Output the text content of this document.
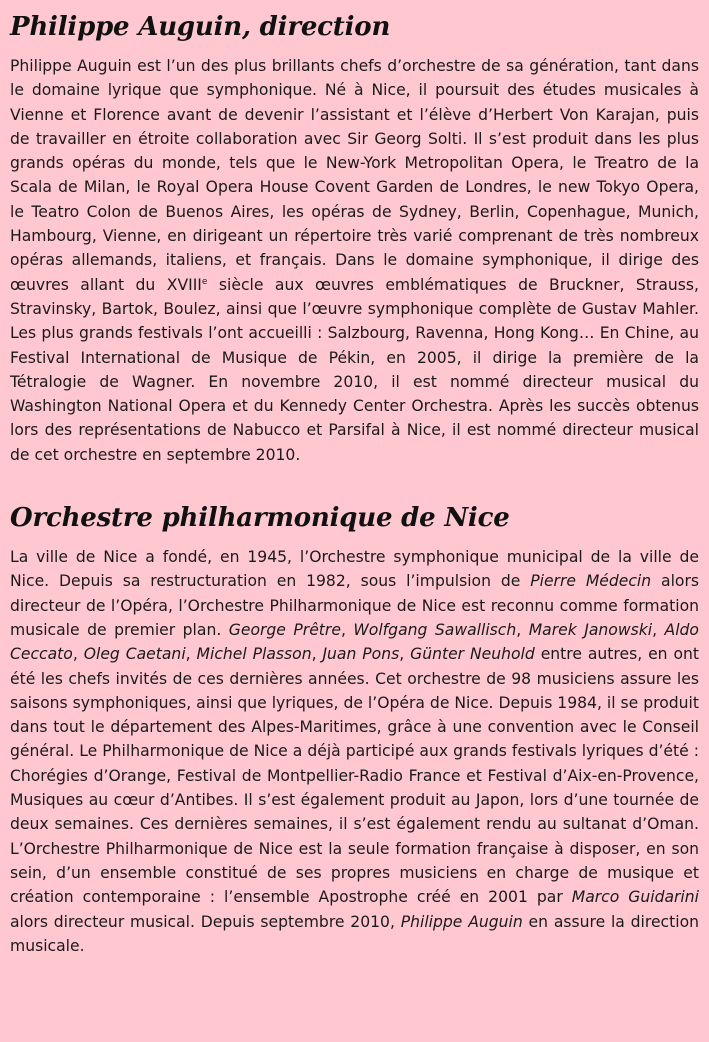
Philippe Auguin, direction

Philippe Auguin est l’un des plus brillants chefs d’orchestre de sa génération, tant dans le domaine lyrique que symphonique. Né à Nice, il poursuit des études musicales à Vienne et Florence avant de devenir l’assistant et l’élève d’Herbert Von Karajan, puis de travailler en étroite collaboration avec Sir Georg Solti. Il s’est produit dans les plus grands opéras du monde, tels que le New-York Metropolitan Opera, le Treatro de la Scala de Milan, le Royal Opera House Covent Garden de Londres, le new Tokyo Opera, le Teatro Colon de Buenos Aires, les opéras de Sydney, Berlin, Copenhague, Munich, Hambourg, Vienne, en dirigeant un répertoire très varié comprenant de très nombreux opéras allemands, italiens, et français. Dans le domaine symphonique, il dirige des œuvres allant du XVIIIe siècle aux œuvres emblématiques de Bruckner, Strauss, Stravinsky, Bartok, Boulez, ainsi que l’œuvre symphonique complète de Gustav Mahler. Les plus grands festivals l’ont accueilli : Salzbourg, Ravenna, Hong Kong… En Chine, au Festival International de Musique de Pékin, en 2005, il dirige la première de la Tétralogie de Wagner. En novembre 2010, il est nommé directeur musical du Washington National Opera et du Kennedy Center Orchestra. Après les succès obtenus lors des représentations de Nabucco et Parsifal à Nice, il est nommé directeur musical de cet orchestre en septembre 2010.

Orchestre philharmonique de Nice

La ville de Nice a fondé, en 1945, l’Orchestre symphonique municipal de la ville de Nice. Depuis sa restructuration en 1982, sous l’impulsion de Pierre Médecin alors directeur de l’Opéra, l’Orchestre Philharmonique de Nice est reconnu comme formation musicale de premier plan. George Prêtre, Wolfgang Sawallisch, Marek Janowski, Aldo Ceccato, Oleg Caetani, Michel Plasson, Juan Pons, Günter Neuhold entre autres, en ont été les chefs invités de ces dernières années. Cet orchestre de 98 musiciens assure les saisons symphoniques, ainsi que lyriques, de l’Opéra de Nice. Depuis 1984, il se produit dans tout le département des Alpes-Maritimes, grâce à une convention avec le Conseil général. Le Philharmonique de Nice a déjà participé aux grands festivals lyriques d’été : Chorégies d’Orange, Festival de Montpellier-Radio France et Festival d’Aix-en-Provence, Musiques au cœur d’Antibes. Il s’est également produit au Japon, lors d’une tournée de deux semaines. Ces dernières semaines, il s’est également rendu au sultanat d’Oman. L’Orchestre Philharmonique de Nice est la seule formation française à disposer, en son sein, d’un ensemble constitué de ses propres musiciens en charge de musique et création contemporaine : l’ensemble Apostrophe créé en 2001 par Marco Guidarini alors directeur musical. Depuis septembre 2010, Philippe Auguin en assure la direction musicale.
